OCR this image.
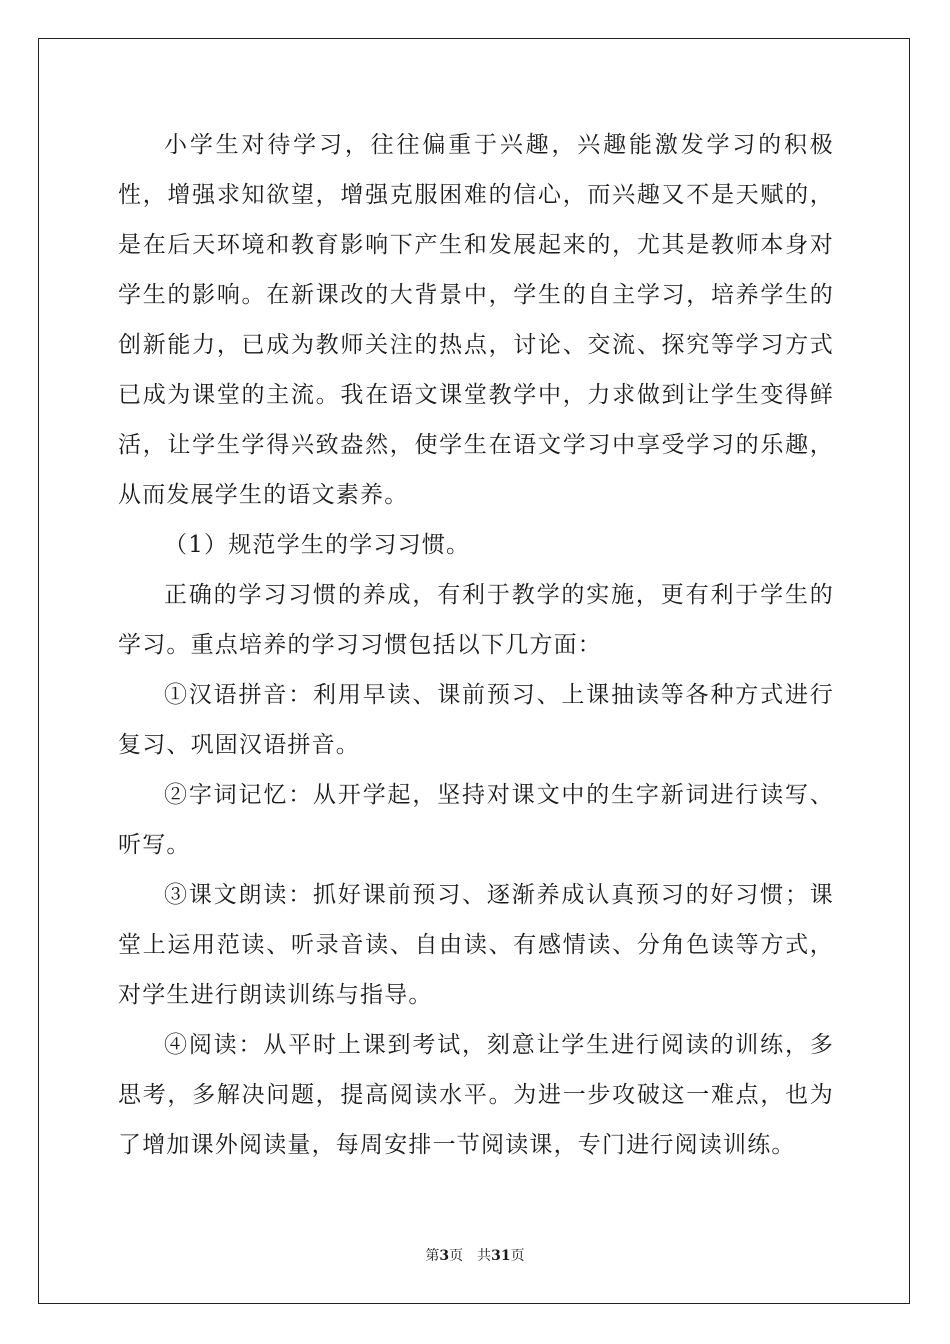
小学生对待学习，往往偏重于兴趣，兴趣能激发学习的积极性，增强求知欲望，增强克服困难的信心，而兴趣又不是天赋的，是在后天环境和教育影响下产生和发展起来的，尤其是教师本身对学生的影响。在新课改的大背景中，学生的自主学习，培养学生的创新能力，已成为教师关注的热点，讨论、交流、探究等学习方式已成为课堂的主流。我在语文课堂教学中，力求做到让学生变得鲜活，让学生学得兴致盎然，使学生在语文学习中享受学习的乐趣，从而发展学生的语文素养。

（1）规范学生的学习习惯。

正确的学习习惯的养成，有利于教学的实施，更有利于学生的学习。重点培养的学习习惯包括以下几方面：

①汉语拼音：利用早读、课前预习、上课抽读等各种方式进行复习、巩固汉语拼音。

②字词记忆：从开学起，坚持对课文中的生字新词进行读写、听写。

③课文朗读：抓好课前预习、逐渐养成认真预习的好习惯；课堂上运用范读、听录音读、自由读、有感情读、分角色读等方式，对学生进行朗读训练与指导。

④阅读：从平时上课到考试，刻意让学生进行阅读的训练，多思考，多解决问题，提高阅读水平。为进一步攻破这一难点，也为了增加课外阅读量，每周安排一节阅读课，专门进行阅读训练。

第3页 共31页
